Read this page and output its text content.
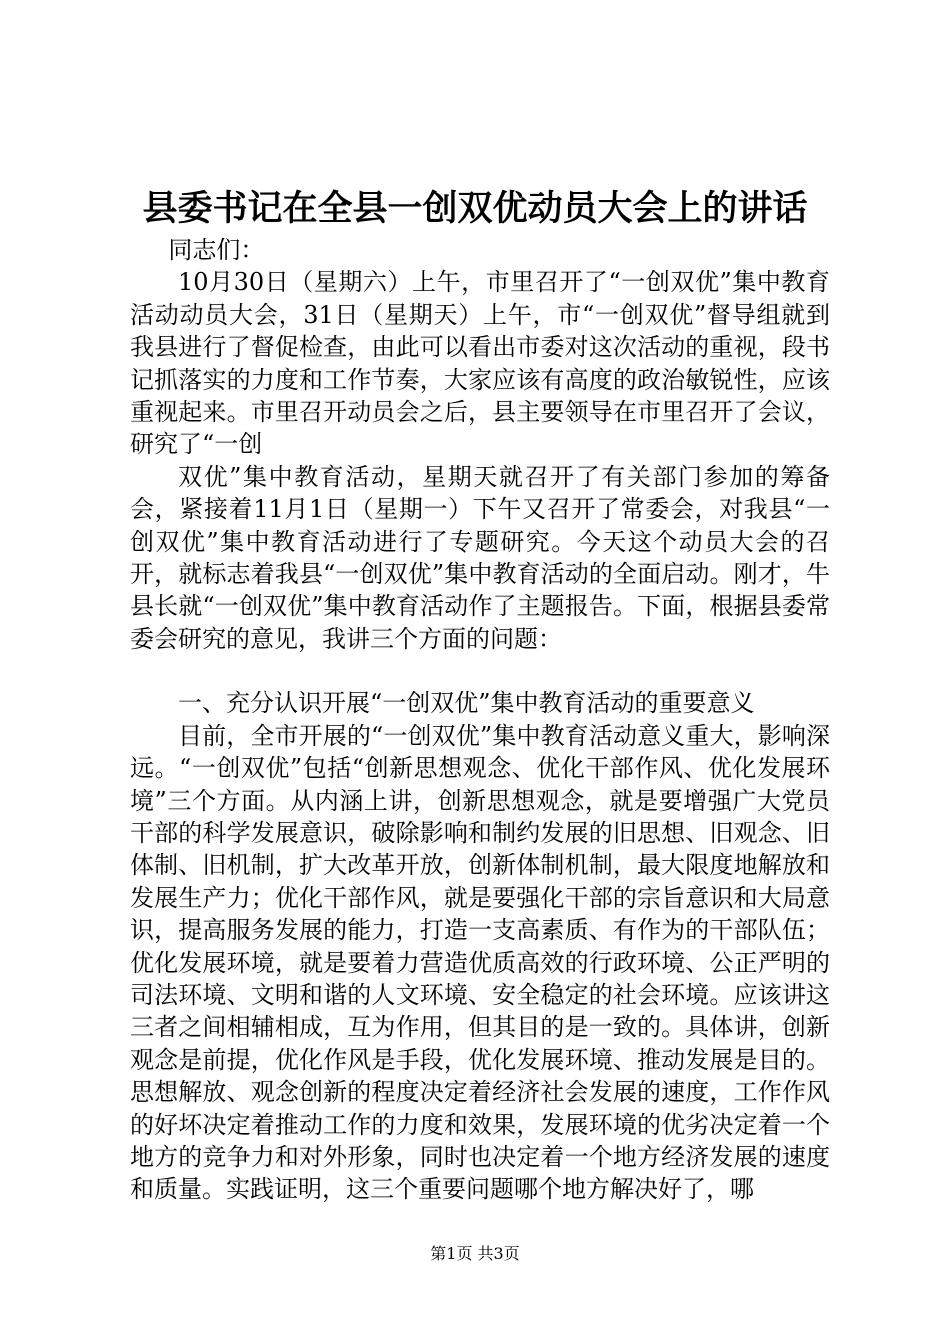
县委书记在全县一创双优动员大会上的讲话

同志们：

10月30日（星期六）上午，市里召开了“一创双优”集中教育活动动员大会，31日（星期天）上午，市“一创双优”督导组就到我县进行了督促检查，由此可以看出市委对这次活动的重视，段书记抓落实的力度和工作节奏，大家应该有高度的政治敏锐性，应该重视起来。市里召开动员会之后，县主要领导在市里召开了会议，研究了“一创

双优”集中教育活动，星期天就召开了有关部门参加的筹备会，紧接着11月1日（星期一）下午又召开了常委会，对我县“一创双优”集中教育活动进行了专题研究。今天这个动员大会的召开，就标志着我县“一创双优”集中教育活动的全面启动。刚才，牛县长就“一创双优”集中教育活动作了主题报告。下面，根据县委常委会研究的意见，我讲三个方面的问题：

一、充分认识开展“一创双优”集中教育活动的重要意义

目前，全市开展的“一创双优”集中教育活动意义重大，影响深远。“一创双优”包括“创新思想观念、优化干部作风、优化发展环境”三个方面。从内涵上讲，创新思想观念，就是要增强广大党员干部的科学发展意识，破除影响和制约发展的旧思想、旧观念、旧体制、旧机制，扩大改革开放，创新体制机制，最大限度地解放和发展生产力；优化干部作风，就是要强化干部的宗旨意识和大局意识，提高服务发展的能力，打造一支高素质、有作为的干部队伍；优化发展环境，就是要着力营造优质高效的行政环境、公正严明的司法环境、文明和谐的人文环境、安全稳定的社会环境。应该讲这三者之间相辅相成，互为作用，但其目的是一致的。具体讲，创新观念是前提，优化作风是手段，优化发展环境、推动发展是目的。思想解放、观念创新的程度决定着经济社会发展的速度，工作作风的好坏决定着推动工作的力度和效果，发展环境的优劣决定着一个地方的竞争力和对外形象，同时也决定着一个地方经济发展的速度和质量。实践证明，这三个重要问题哪个地方解决好了，哪

第1页 共3页
